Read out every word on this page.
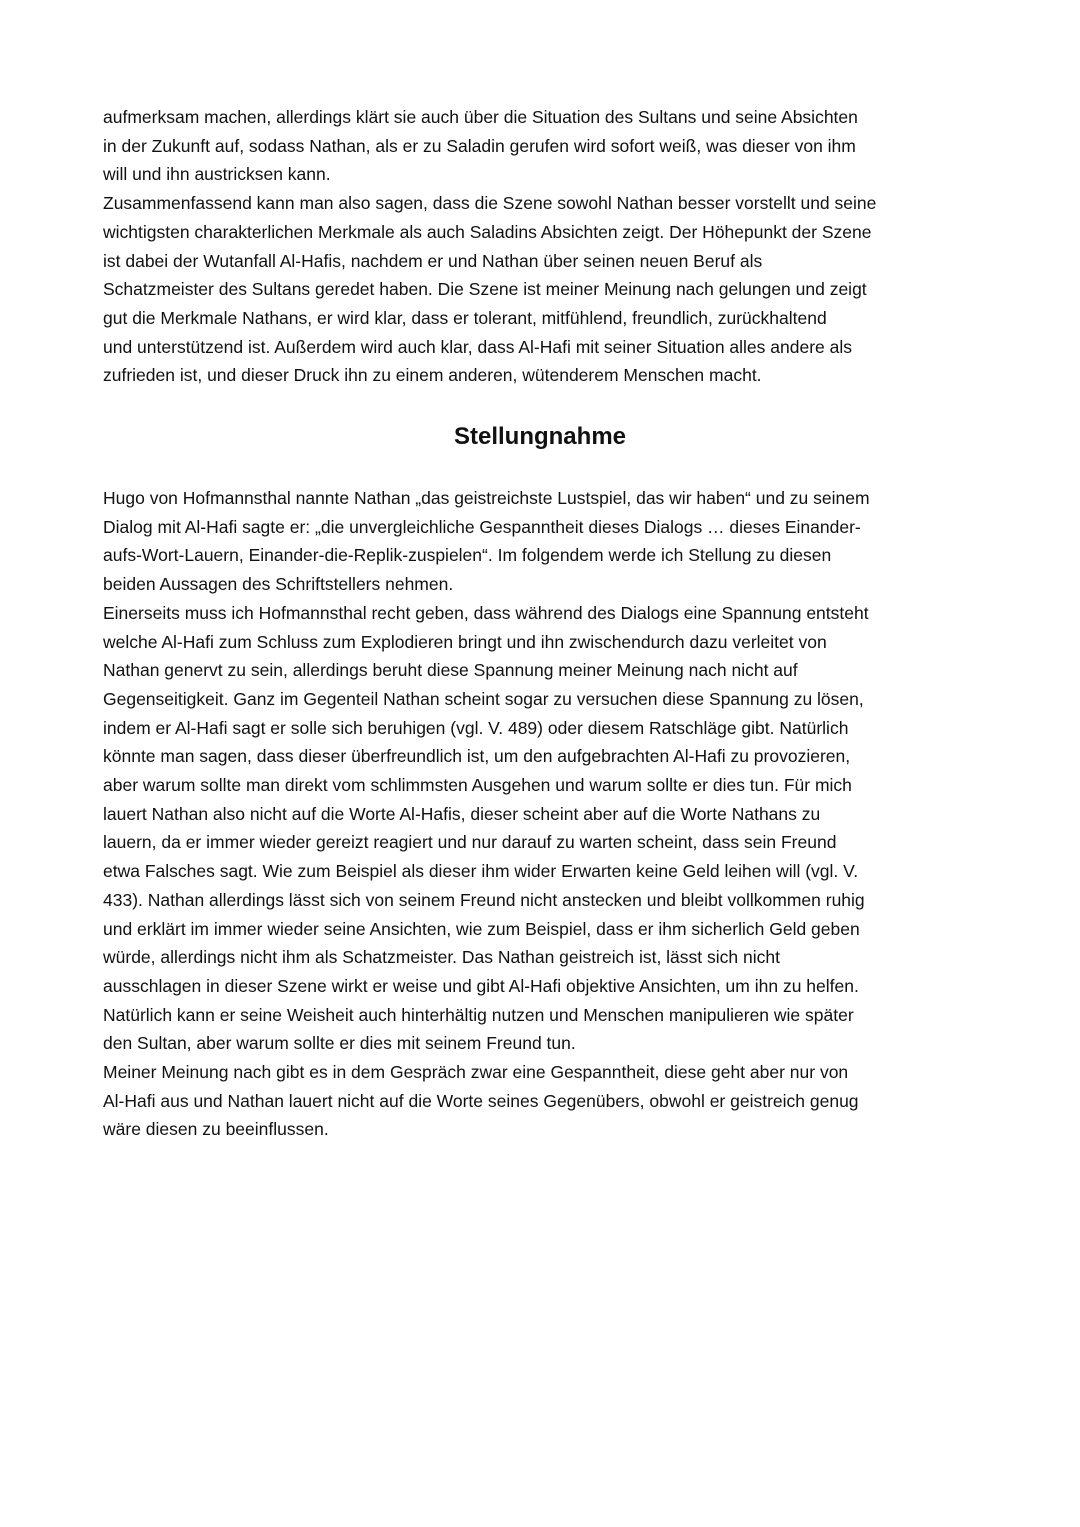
aufmerksam machen, allerdings klärt sie auch über die Situation des Sultans und seine Absichten
in der Zukunft auf, sodass Nathan, als er zu Saladin gerufen wird sofort weiß, was dieser von ihm
will und ihn austricksen kann.
Zusammenfassend kann man also sagen, dass die Szene sowohl Nathan besser vorstellt und seine
wichtigsten charakterlichen Merkmale als auch Saladins Absichten zeigt. Der Höhepunkt der Szene
ist dabei der Wutanfall Al-Hafis, nachdem er und Nathan über seinen neuen Beruf als
Schatzmeister des Sultans geredet haben. Die Szene ist meiner Meinung nach gelungen und zeigt
gut die Merkmale Nathans, er wird klar, dass er tolerant, mitfühlend, freundlich, zurückhaltend
und unterstützend ist. Außerdem wird auch klar, dass Al-Hafi mit seiner Situation alles andere als
zufrieden ist, und dieser Druck ihn zu einem anderen, wütenderem Menschen macht.
Stellungnahme
Hugo von Hofmannsthal nannte Nathan „das geistreichste Lustspiel, das wir haben“ und zu seinem
Dialog mit Al-Hafi sagte er: „die unvergleichliche Gespanntheit dieses Dialogs … dieses Einander-
aufs-Wort-Lauern, Einander-die-Replik-zuspielen“. Im folgendem werde ich Stellung zu diesen
beiden Aussagen des Schriftstellers nehmen.
Einerseits muss ich Hofmannsthal recht geben, dass während des Dialogs eine Spannung entsteht
welche Al-Hafi zum Schluss zum Explodieren bringt und ihn zwischendurch dazu verleitet von
Nathan genervt zu sein, allerdings beruht diese Spannung meiner Meinung nach nicht auf
Gegenseitigkeit. Ganz im Gegenteil Nathan scheint sogar zu versuchen diese Spannung zu lösen,
indem er Al-Hafi sagt er solle sich beruhigen (vgl. V. 489) oder diesem Ratschläge gibt. Natürlich
könnte man sagen, dass dieser überfreundlich ist, um den aufgebrachten Al-Hafi zu provozieren,
aber warum sollte man direkt vom schlimmsten Ausgehen und warum sollte er dies tun. Für mich
lauert Nathan also nicht auf die Worte Al-Hafis, dieser scheint aber auf die Worte Nathans zu
lauern, da er immer wieder gereizt reagiert und nur darauf zu warten scheint, dass sein Freund
etwa Falsches sagt. Wie zum Beispiel als dieser ihm wider Erwarten keine Geld leihen will (vgl. V.
433). Nathan allerdings lässt sich von seinem Freund nicht anstecken und bleibt vollkommen ruhig
und erklärt im immer wieder seine Ansichten, wie zum Beispiel, dass er ihm sicherlich Geld geben
würde, allerdings nicht ihm als Schatzmeister. Das Nathan geistreich ist, lässt sich nicht
ausschlagen in dieser Szene wirkt er weise und gibt Al-Hafi objektive Ansichten, um ihn zu helfen.
Natürlich kann er seine Weisheit auch hinterhältig nutzen und Menschen manipulieren wie später
den Sultan, aber warum sollte er dies mit seinem Freund tun.
Meiner Meinung nach gibt es in dem Gespräch zwar eine Gespanntheit, diese geht aber nur von
Al-Hafi aus und Nathan lauert nicht auf die Worte seines Gegenübers, obwohl er geistreich genug
wäre diesen zu beeinflussen.
